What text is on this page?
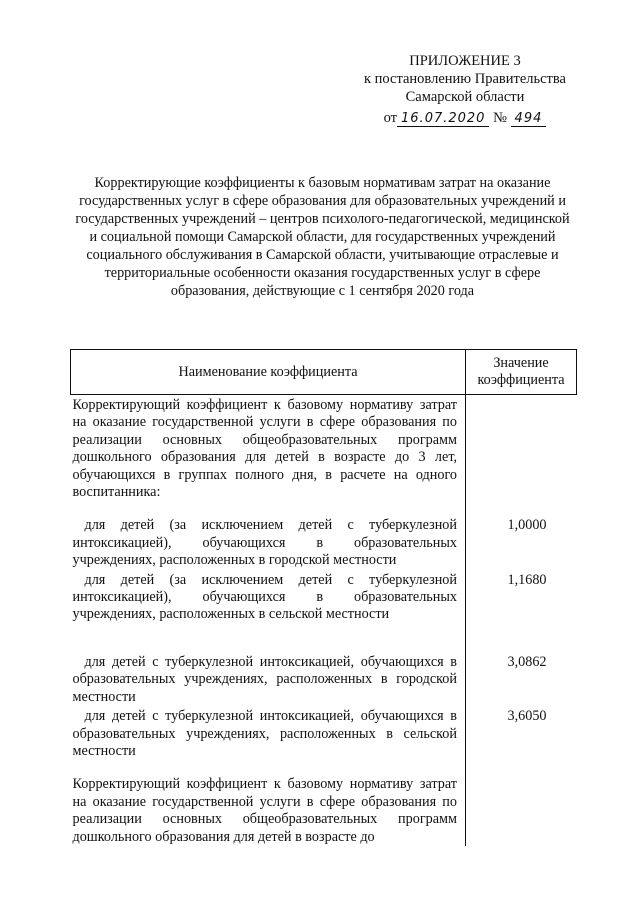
ПРИЛОЖЕНИЕ 3
к постановлению Правительства
Самарской области
от 16.07.2020 № 494
Корректирующие коэффициенты к базовым нормативам затрат на оказание государственных услуг в сфере образования для образовательных учреждений и государственных учреждений – центров психолого-педагогической, медицинской и социальной помощи Самарской области, для государственных учреждений социального обслуживания в Самарской области, учитывающие отраслевые и территориальные особенности оказания государственных услуг в сфере образования, действующие с 1 сентября 2020 года
Наименование коэффициента	Значение коэффициента
Корректирующий коэффициент к базовому нормативу затрат на оказание государственной услуги в сфере образования по реализации основных общеобразовательных программ дошкольного образования для детей в возрасте до 3 лет, обучающихся в группах полного дня, в расчете на одного воспитанника:	
для детей (за исключением детей с туберкулезной интоксикацией), обучающихся в образовательных учреждениях, расположенных в городской местности	1,0000
для детей (за исключением детей с туберкулезной интоксикацией), обучающихся в образовательных учреждениях, расположенных в сельской местности	1,1680
для детей с туберкулезной интоксикацией, обучающихся в образовательных учреждениях, расположенных в городской местности	3,0862
для детей с туберкулезной интоксикацией, обучающихся в образовательных учреждениях, расположенных в сельской местности	3,6050
Корректирующий коэффициент к базовому нормативу затрат на оказание государственной услуги в сфере образования по реализации основных общеобразовательных программ дошкольного образования для детей в возрасте до	
